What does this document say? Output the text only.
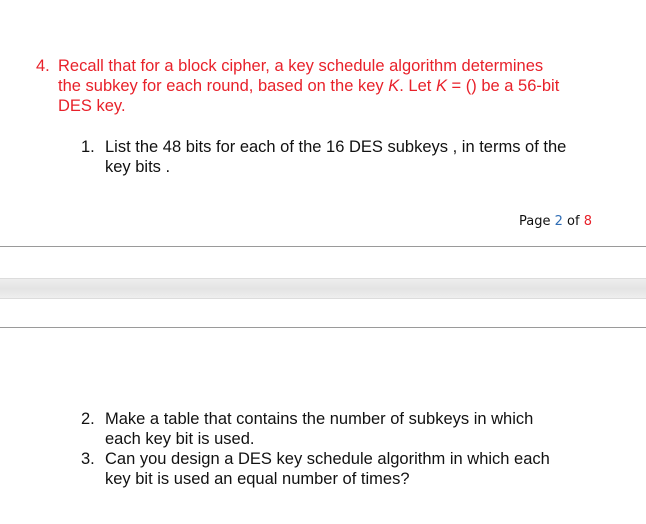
4. Recall that for a block cipher, a key schedule algorithm determines
the subkey for each round, based on the key K. Let K = () be a 56-bit
DES key.
1. List the 48 bits for each of the 16 DES subkeys , in terms of the
key bits .
Page 2 of 8
2. Make a table that contains the number of subkeys in which
each key bit is used.
3. Can you design a DES key schedule algorithm in which each
key bit is used an equal number of times?
